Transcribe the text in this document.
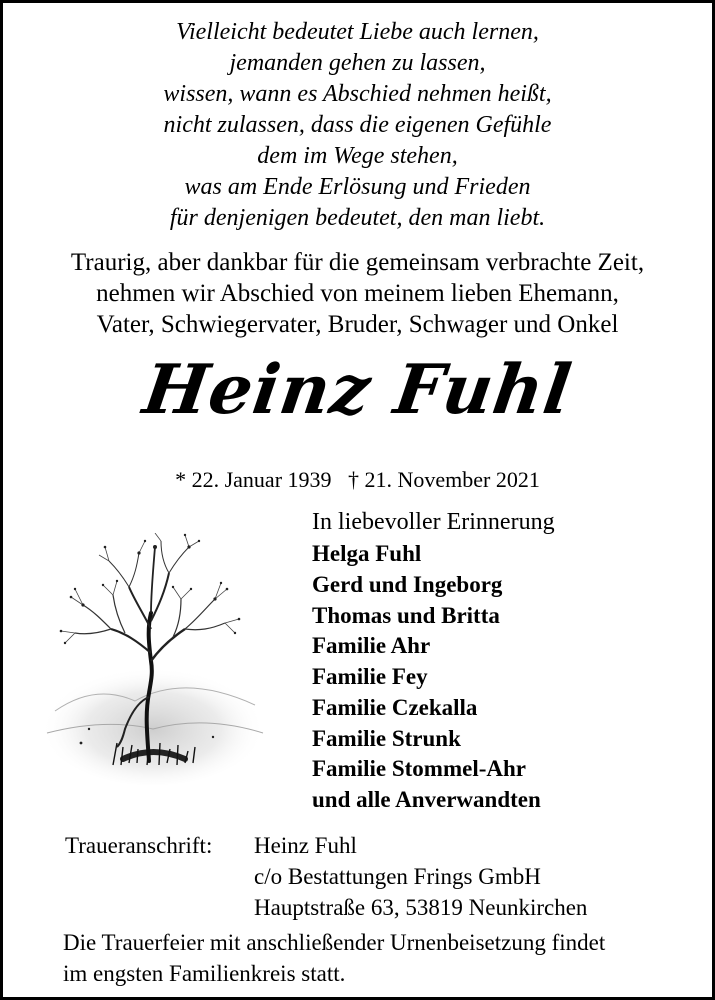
Vielleicht bedeutet Liebe auch lernen,
jemanden gehen zu lassen,
wissen, wann es Abschied nehmen heißt,
nicht zulassen, dass die eigenen Gefühle
dem im Wege stehen,
was am Ende Erlösung und Frieden
für denjenigen bedeutet, den man liebt.
Traurig, aber dankbar für die gemeinsam verbrachte Zeit,
nehmen wir Abschied von meinem lieben Ehemann,
Vater, Schwiegervater, Bruder, Schwager und Onkel
Heinz Fuhl
* 22. Januar 1939 † 21. November 2021
In liebevoller Erinnerung
Helga Fuhl
Gerd und Ingeborg
Thomas und Britta
Familie Ahr
Familie Fey
Familie Czekalla
Familie Strunk
Familie Stommel-Ahr
und alle Anverwandten
Traueranschrift: Heinz Fuhl
c/o Bestattungen Frings GmbH
Hauptstraße 63, 53819 Neunkirchen
Die Trauerfeier mit anschließender Urnenbeisetzung findet
im engsten Familienkreis statt.
